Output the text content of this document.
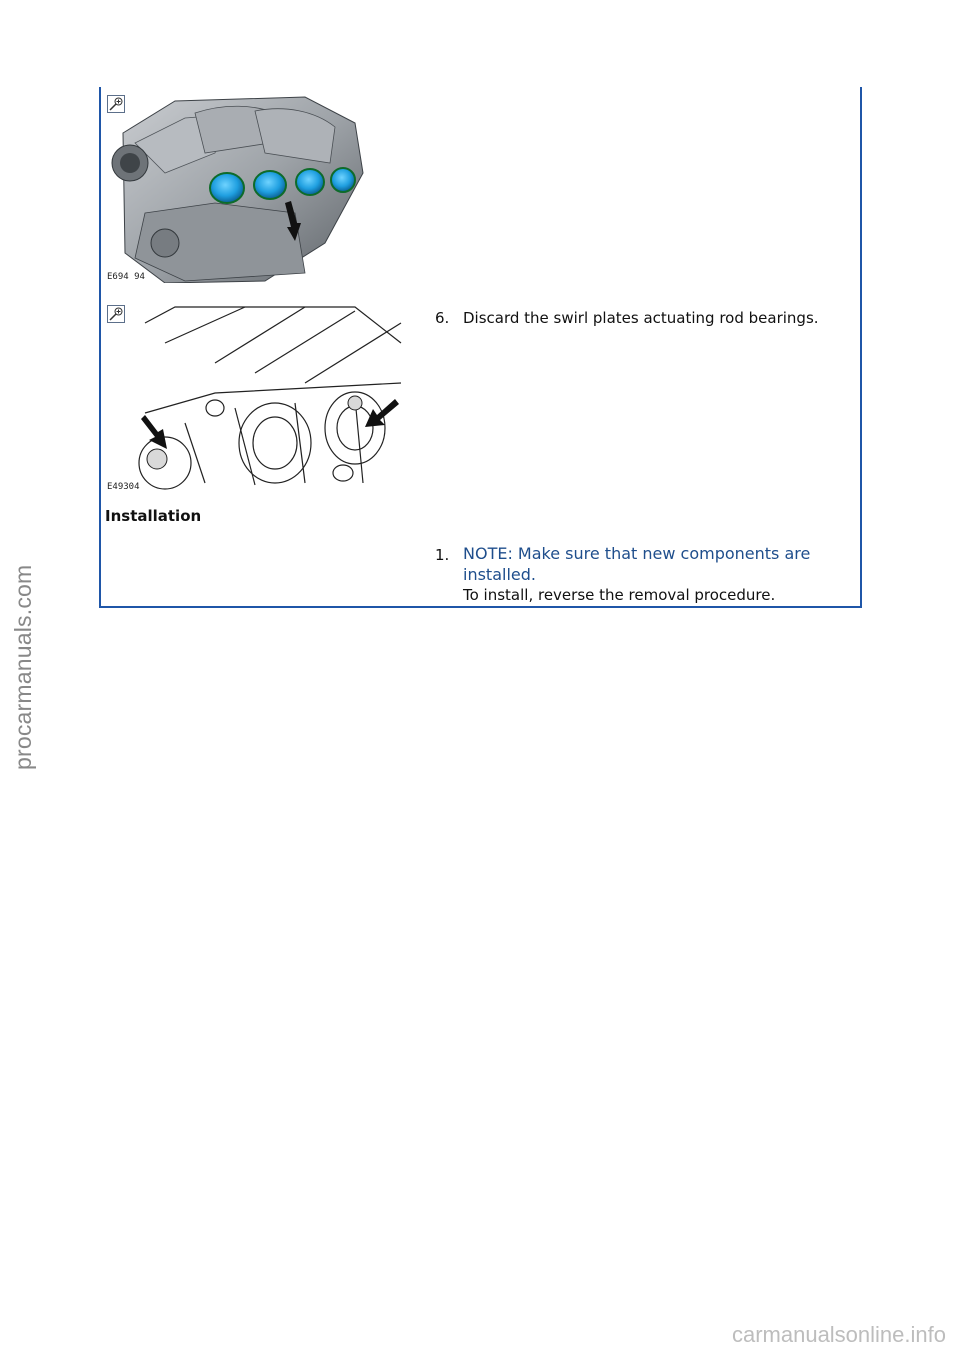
procarmanuals.com
carmanualsonline.info
E694 94
E49304
6. Discard the swirl plates actuating rod bearings.
Installation
1. NOTE: Make sure that new components are
installed.
To install, reverse the removal procedure.
